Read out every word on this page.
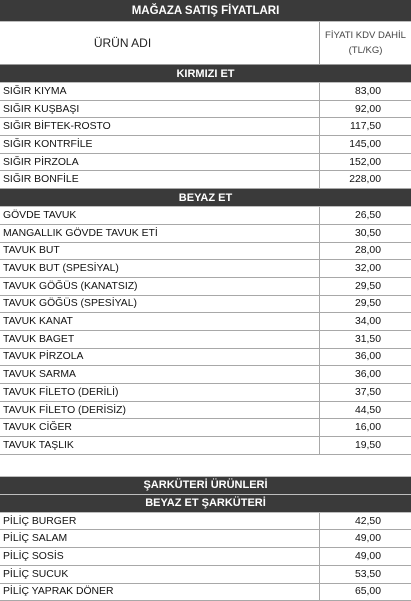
MAĞAZA SATIŞ FİYATLARI
ÜRÜN ADI
FİYATI KDV DAHİL
(TL/KG)
KIRMIZI ET
SIĞIR KIYMA	83,00
SIĞIR KUŞBAŞI	92,00
SIĞIR BİFTEK-ROSTO	117,50
SIĞIR KONTRFİLE	145,00
SIĞIR PİRZOLA	152,00
SIĞIR BONFİLE	228,00
BEYAZ ET
GÖVDE TAVUK	26,50
MANGALLIK GÖVDE TAVUK ETİ	30,50
TAVUK BUT	28,00
TAVUK BUT (SPESİYAL)	32,00
TAVUK GÖĞÜS (KANATSIZ)	29,50
TAVUK GÖĞÜS (SPESİYAL)	29,50
TAVUK KANAT	34,00
TAVUK BAGET	31,50
TAVUK PİRZOLA	36,00
TAVUK SARMA	36,00
TAVUK FİLETO (DERİLİ)	37,50
TAVUK FİLETO (DERİSİZ)	44,50
TAVUK CİĞER	16,00
TAVUK TAŞLIK	19,50
ŞARKÜTERİ ÜRÜNLERİ
BEYAZ ET ŞARKÜTERİ
PİLİÇ BURGER	42,50
PİLİÇ SALAM	49,00
PİLİÇ SOSİS	49,00
PİLİÇ SUCUK	53,50
PİLİÇ YAPRAK DÖNER	65,00
